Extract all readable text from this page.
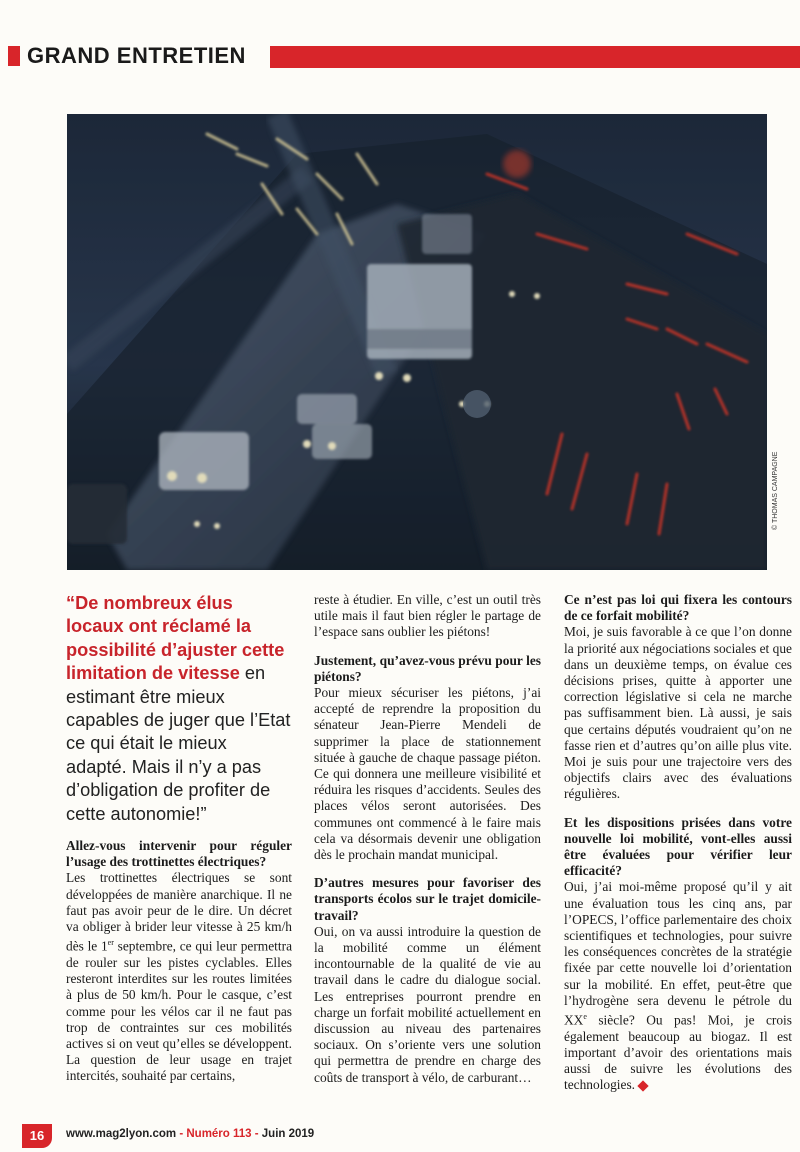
GRAND ENTRETIEN
© THOMAS CAMPAGNE
“De nombreux élus locaux ont réclamé la possibilité d’ajuster cette limitation de vitesse en estimant être mieux capables de juger que l’Etat ce qui était le mieux adapté. Mais il n’y a pas d’obligation de profiter de cette autonomie!”

Allez-vous intervenir pour réguler l’usage des trottinettes électriques?

Les trottinettes électriques se sont développées de manière anarchique. Il ne faut pas avoir peur de le dire. Un décret va obliger à brider leur vitesse à 25 km/h dès le 1er septembre, ce qui leur permettra de rouler sur les pistes cyclables. Elles resteront interdites sur les routes limitées à plus de 50 km/h. Pour le casque, c’est comme pour les vélos car il ne faut pas trop de contraintes sur ces mobilités actives si on veut qu’elles se développent. La question de leur usage en trajet intercités, souhaité par certains,

reste à étudier. En ville, c’est un outil très utile mais il faut bien régler le partage de l’espace sans oublier les piétons!

Justement, qu’avez-vous prévu pour les piétons?

Pour mieux sécuriser les piétons, j’ai accepté de reprendre la proposition du sénateur Jean-Pierre Mendeli de supprimer la place de stationnement située à gauche de chaque passage piéton. Ce qui donnera une meilleure visibilité et réduira les risques d’accidents. Seules des places vélos seront autorisées. Des communes ont commencé à le faire mais cela va désormais devenir une obligation dès le prochain mandat municipal.

D’autres mesures pour favoriser des transports écolos sur le trajet domicile-travail?

Oui, on va aussi introduire la question de la mobilité comme un élément incontournable de la qualité de vie au travail dans le cadre du dialogue social. Les entreprises pourront prendre en charge un forfait mobilité actuellement en discussion au niveau des partenaires sociaux. On s’oriente vers une solution qui permettra de prendre en charge des coûts de transport à vélo, de carburant…

Ce n’est pas loi qui fixera les contours de ce forfait mobilité?

Moi, je suis favorable à ce que l’on donne la priorité aux négociations sociales et que dans un deuxième temps, on évalue ces décisions prises, quitte à apporter une correction législative si cela ne marche pas suffisamment bien. Là aussi, je sais que certains députés voudraient qu’on ne fasse rien et d’autres qu’on aille plus vite. Moi je suis pour une trajectoire vers des objectifs clairs avec des évaluations régulières.

Et les dispositions prisées dans votre nouvelle loi mobilité, vont-elles aussi être évaluées pour vérifier leur efficacité?

Oui, j’ai moi-même proposé qu’il y ait une évaluation tous les cinq ans, par l’OPECS, l’office parlementaire des choix scientifiques et technologies, pour suivre les conséquences concrètes de la stratégie fixée par cette nouvelle loi d’orientation sur la mobilité. En effet, peut-être que l’hydrogène sera devenu le pétrole du XXe siècle? Ou pas! Moi, je crois également beaucoup au biogaz. Il est important d’avoir des orientations mais aussi de suivre les évolutions des technologies.

16	www.mag2lyon.com - Numéro 113 - Juin 2019
